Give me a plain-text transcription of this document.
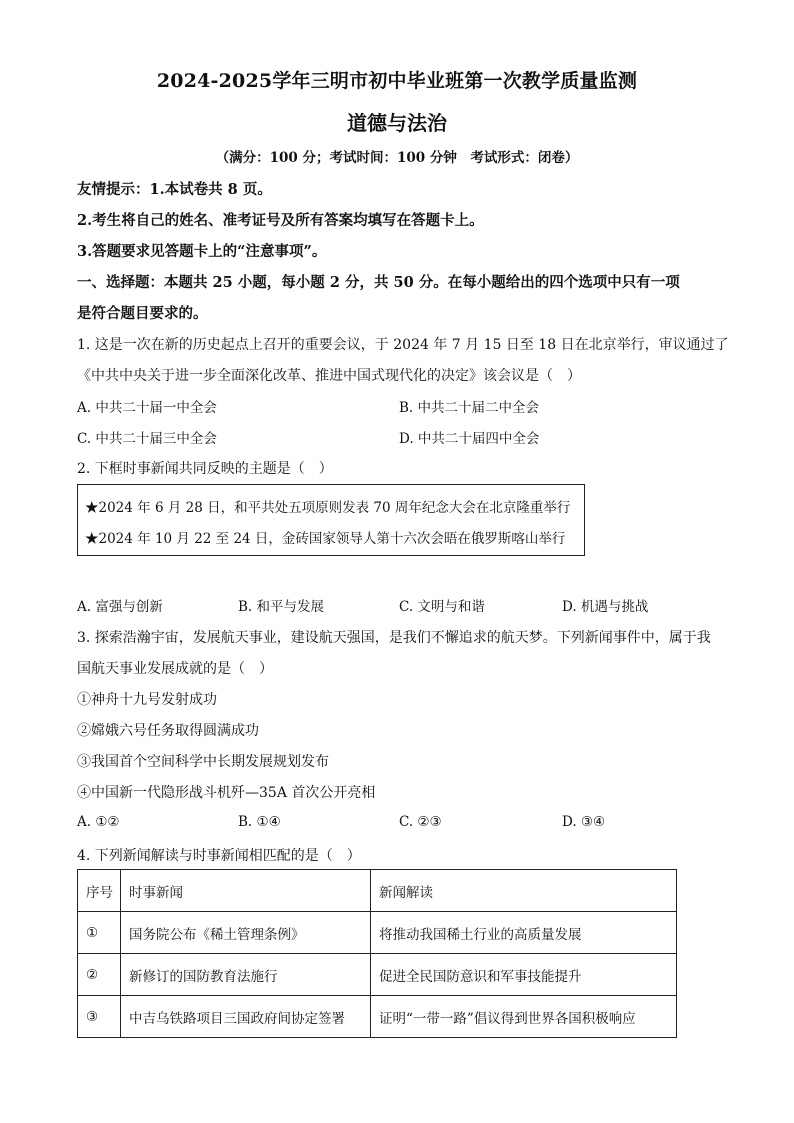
2024-2025学年三明市初中毕业班第一次教学质量监测
道德与法治
（满分：100 分；考试时间：100 分钟　考试形式：闭卷）
友情提示：1.本试卷共 8 页。
2.考生将自己的姓名、准考证号及所有答案均填写在答题卡上。
3.答题要求见答题卡上的“注意事项”。
一、选择题：本题共 25 小题，每小题 2 分，共 50 分。在每小题给出的四个选项中只有一项
是符合题目要求的。
1. 这是一次在新的历史起点上召开的重要会议，于 2024 年 7 月 15 日至 18 日在北京举行，审议通过了
《中共中央关于进一步全面深化改革、推进中国式现代化的决定》该会议是（　）
A. 中共二十届一中全会	B. 中共二十届二中全会
C. 中共二十届三中全会	D. 中共二十届四中全会
2. 下框时事新闻共同反映的主题是（　）
★2024 年 6 月 28 日，和平共处五项原则发表 70 周年纪念大会在北京隆重举行
★2024 年 10 月 22 至 24 日，金砖国家领导人第十六次会晤在俄罗斯喀山举行
A. 富强与创新	B. 和平与发展	C. 文明与和谐	D. 机遇与挑战
3. 探索浩瀚宇宙，发展航天事业，建设航天强国，是我们不懈追求的航天梦。下列新闻事件中，属于我
国航天事业发展成就的是（　）
①神舟十九号发射成功
②嫦娥六号任务取得圆满成功
③我国首个空间科学中长期发展规划发布
④中国新一代隐形战斗机歼—35A 首次公开亮相
A. ①②	B. ①④	C. ②③	D. ③④
4. 下列新闻解读与时事新闻相匹配的是（　）
序号	时事新闻	新闻解读
①	国务院公布《稀土管理条例》	将推动我国稀土行业的高质量发展
②	新修订的国防教育法施行	促进全民国防意识和军事技能提升
③	中吉乌铁路项目三国政府间协定签署	证明“一带一路”倡议得到世界各国积极响应
